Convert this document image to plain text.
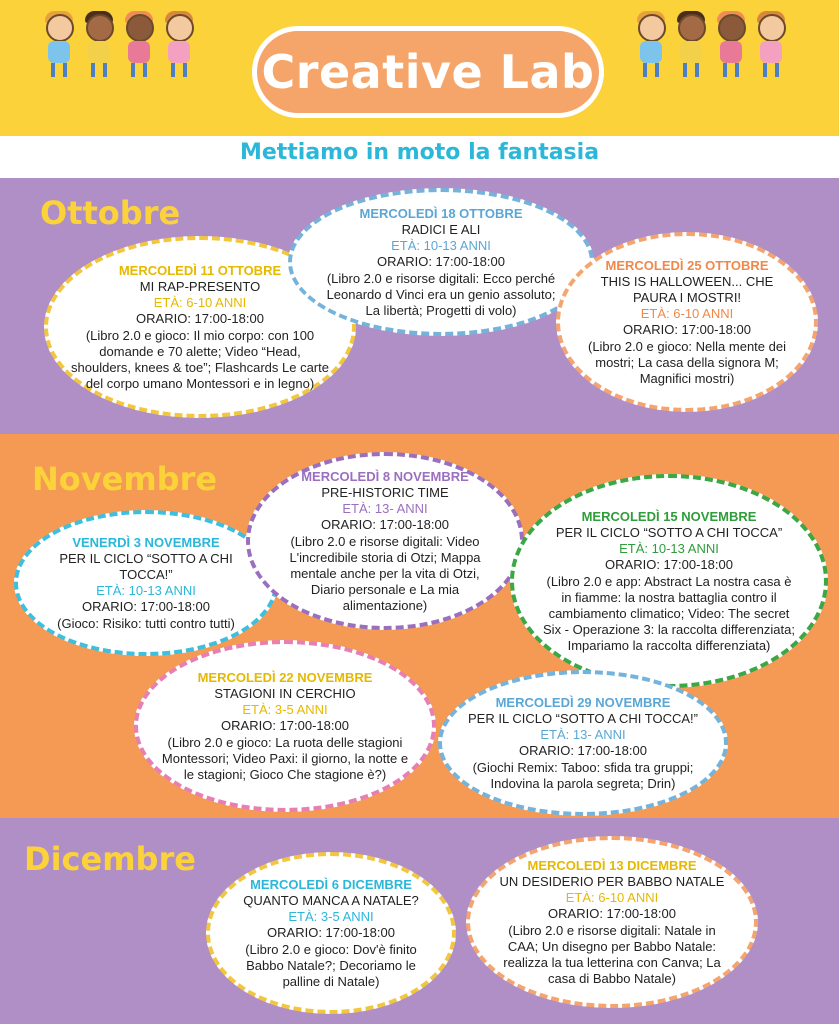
Creative Lab
Mettiamo in moto la fantasia
Ottobre
Novembre
Dicembre
MERCOLEDÌ 11 OTTOBRE
MI RAP-PRESENTO
ETÀ: 6-10 ANNI
ORARIO: 17:00-18:00
(Libro 2.0 e gioco: Il mio corpo: con 100 domande e 70 alette; Video “Head, shoulders, knees & toe”; Flashcards Le carte del corpo umano Montessori e in legno)
MERCOLEDÌ 18 OTTOBRE
RADICI E ALI
ETÀ: 10-13 ANNI
ORARIO: 17:00-18:00
(Libro 2.0 e risorse digitali: Ecco perché Leonardo d Vinci era un genio assoluto; La libertà; Progetti di volo)
MERCOLEDÌ 25 OTTOBRE
THIS IS HALLOWEEN... CHE PAURA I MOSTRI!
ETÀ: 6-10 ANNI
ORARIO: 17:00-18:00
(Libro 2.0 e gioco: Nella mente dei mostri; La casa della signora M; Magnifici mostri)
VENERDÌ 3 NOVEMBRE
PER IL CICLO “SOTTO A CHI TOCCA!”
ETÀ: 10-13 ANNI
ORARIO: 17:00-18:00
(Gioco: Risiko: tutti contro tutti)
MERCOLEDÌ 8 NOVEMBRE
PRE-HISTORIC TIME
ETÀ: 13- ANNI
ORARIO: 17:00-18:00
(Libro 2.0 e risorse digitali: Video L'incredibile storia di Otzi; Mappa mentale anche per la vita di Otzi, Diario personale e La mia alimentazione)
MERCOLEDÌ 15 NOVEMBRE
PER IL CICLO “SOTTO A CHI TOCCA”
ETÀ: 10-13 ANNI
ORARIO: 17:00-18:00
(Libro 2.0 e app: Abstract La nostra casa è in fiamme: la nostra battaglia contro il cambiamento climatico; Video: The secret Six - Operazione 3: la raccolta differenziata; Impariamo la raccolta differenziata)
MERCOLEDÌ 22 NOVEMBRE
STAGIONI IN CERCHIO
ETÀ: 3-5 ANNI
ORARIO: 17:00-18:00
(Libro 2.0 e gioco: La ruota delle stagioni Montessori; Video Paxi: il giorno, la notte e le stagioni; Gioco Che stagione è?)
MERCOLEDÌ 29 NOVEMBRE
PER IL CICLO “SOTTO A CHI TOCCA!”
ETÀ: 13- ANNI
ORARIO: 17:00-18:00
(Giochi Remix: Taboo: sfida tra gruppi; Indovina la parola segreta; Drin)
MERCOLEDÌ 6 DICEMBRE
QUANTO MANCA A NATALE?
ETÀ: 3-5 ANNI
ORARIO: 17:00-18:00
(Libro 2.0 e gioco: Dov'è finito Babbo Natale?; Decoriamo le palline di Natale)
MERCOLEDÌ 13 DICEMBRE
UN DESIDERIO PER BABBO NATALE
ETÀ: 6-10 ANNI
ORARIO: 17:00-18:00
(Libro 2.0 e risorse digitali: Natale in CAA; Un disegno per Babbo Natale: realizza la tua letterina con Canva; La casa di Babbo Natale)
